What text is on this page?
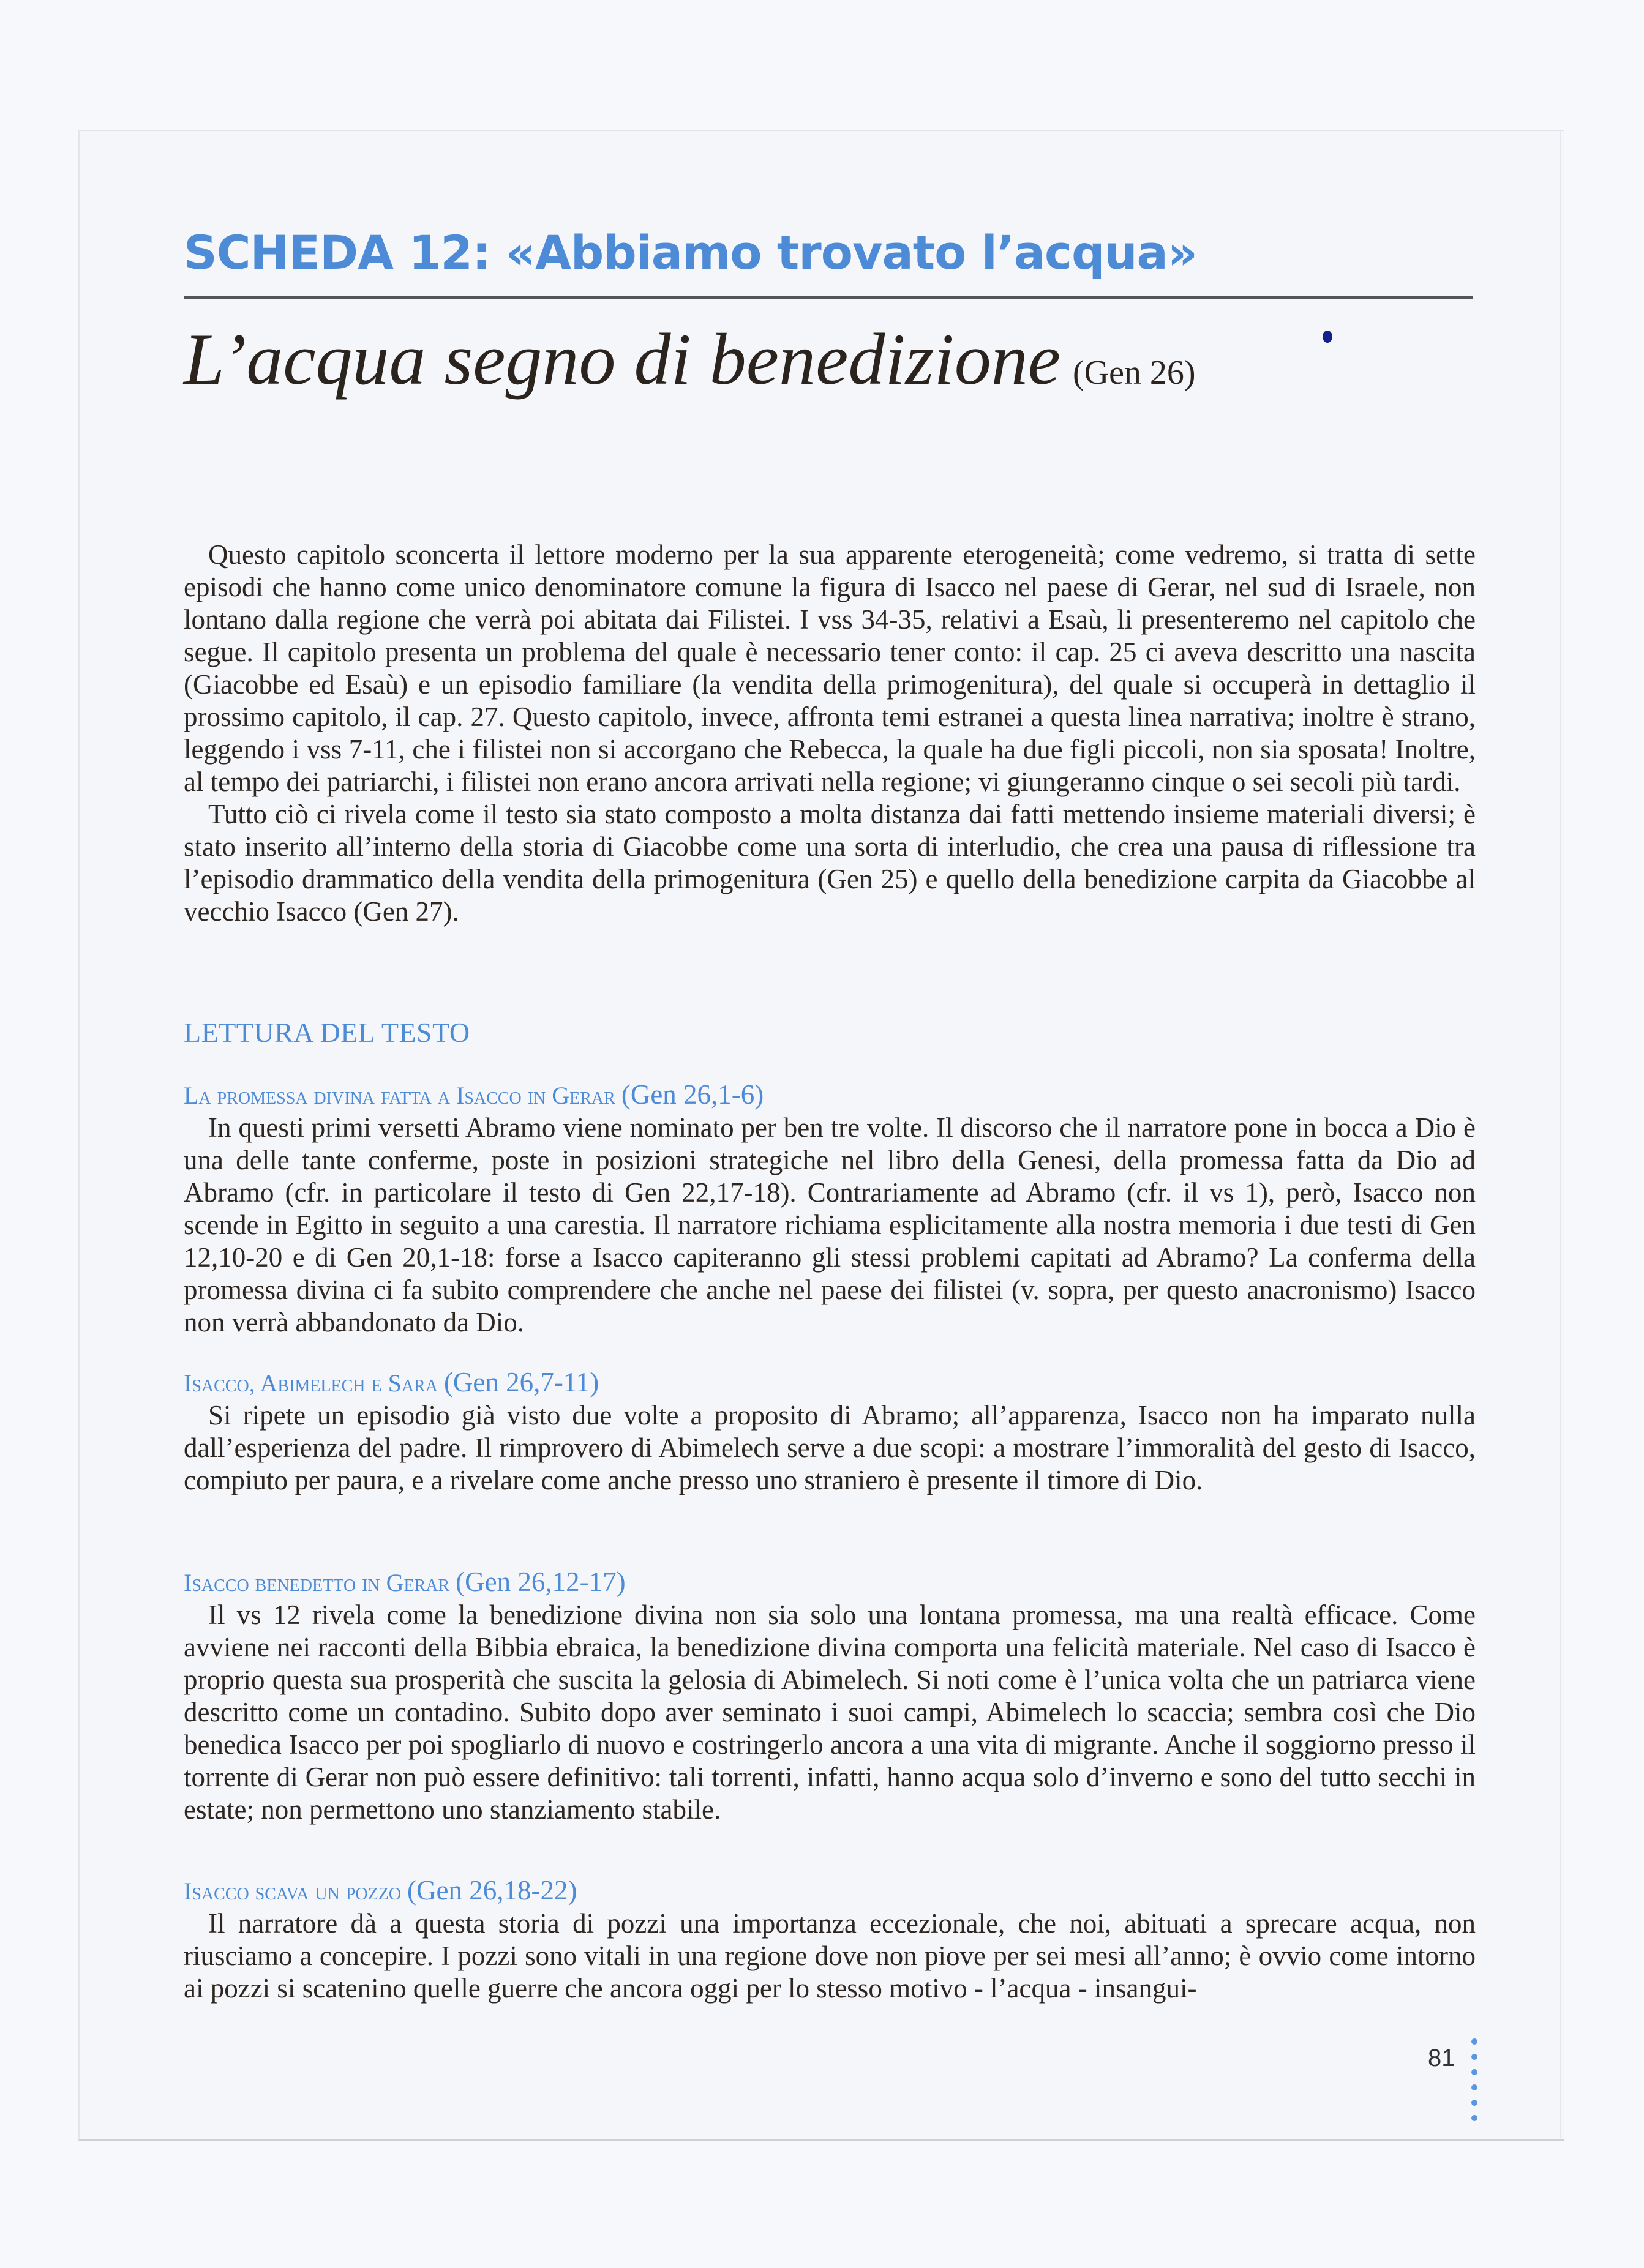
SCHEDA 12: «Abbiamo trovato l’acqua»
L’acqua segno di benedizione (Gen 26)

Questo capitolo sconcerta il lettore moderno per la sua apparente eterogeneità; come vedremo, si tratta di sette episodi che hanno come unico denominatore comune la figura di Isacco nel paese di Gerar, nel sud di Israele, non lontano dalla regione che verrà poi abitata dai Filistei. I vss 34-35, relativi a Esaù, li presenteremo nel capitolo che segue. Il capitolo presenta un problema del quale è necessario tener conto: il cap. 25 ci aveva descritto una nascita (Giacobbe ed Esaù) e un episodio familiare (la vendita della primogenitura), del quale si occuperà in dettaglio il prossimo capitolo, il cap. 27. Questo capitolo, invece, affronta temi estranei a questa linea narrativa; inoltre è strano, leggendo i vss 7-11, che i filistei non si accorgano che Rebecca, la quale ha due figli piccoli, non sia sposata! Inoltre, al tempo dei patriarchi, i filistei non erano ancora arrivati nella regione; vi giungeranno cinque o sei secoli più tardi.

Tutto ciò ci rivela come il testo sia stato composto a molta distanza dai fatti mettendo insieme materiali diversi; è stato inserito all’interno della storia di Giacobbe come una sorta di interludio, che crea una pausa di riflessione tra l’episodio drammatico della vendita della primogenitura (Gen 25) e quello della benedizione carpita da Giacobbe al vecchio Isacco (Gen 27).

LETTURA DEL TESTO
La promessa divina fatta a Isacco in Gerar (Gen 26,1-6)

In questi primi versetti Abramo viene nominato per ben tre volte. Il discorso che il narratore pone in bocca a Dio è una delle tante conferme, poste in posizioni strategiche nel libro della Genesi, della promessa fatta da Dio ad Abramo (cfr. in particolare il testo di Gen 22,17-18). Contrariamente ad Abramo (cfr. il vs 1), però, Isacco non scende in Egitto in seguito a una carestia. Il narratore richiama esplicitamente alla nostra memoria i due testi di Gen 12,10-20 e di Gen 20,1-18: forse a Isacco capiteranno gli stessi problemi capitati ad Abramo? La conferma della promessa divina ci fa subito comprendere che anche nel paese dei filistei (v. sopra, per questo anacronismo) Isacco non verrà abbandonato da Dio.

Isacco, Abimelech e Sara (Gen 26,7-11)

Si ripete un episodio già visto due volte a proposito di Abramo; all’apparenza, Isacco non ha imparato nulla dall’esperienza del padre. Il rimprovero di Abimelech serve a due scopi: a mostrare l’immoralità del gesto di Isacco, compiuto per paura, e a rivelare come anche presso uno straniero è presente il timore di Dio.

Isacco benedetto in Gerar (Gen 26,12-17)

Il vs 12 rivela come la benedizione divina non sia solo una lontana promessa, ma una realtà efficace. Come avviene nei racconti della Bibbia ebraica, la benedizione divina comporta una felicità materiale. Nel caso di Isacco è proprio questa sua prosperità che suscita la gelosia di Abimelech. Si noti come è l’unica volta che un patriarca viene descritto come un contadino. Subito dopo aver seminato i suoi campi, Abimelech lo scaccia; sembra così che Dio benedica Isacco per poi spogliarlo di nuovo e costringerlo ancora a una vita di migrante. Anche il soggiorno presso il torrente di Gerar non può essere definitivo: tali torrenti, infatti, hanno acqua solo d’inverno e sono del tutto secchi in estate; non permettono uno stanziamento stabile.

Isacco scava un pozzo (Gen 26,18-22)

Il narratore dà a questa storia di pozzi una importanza eccezionale, che noi, abituati a sprecare acqua, non riusciamo a concepire. I pozzi sono vitali in una regione dove non piove per sei mesi all’anno; è ovvio come intorno ai pozzi si scatenino quelle guerre che ancora oggi per lo stesso motivo - l’acqua - insangui-

81
